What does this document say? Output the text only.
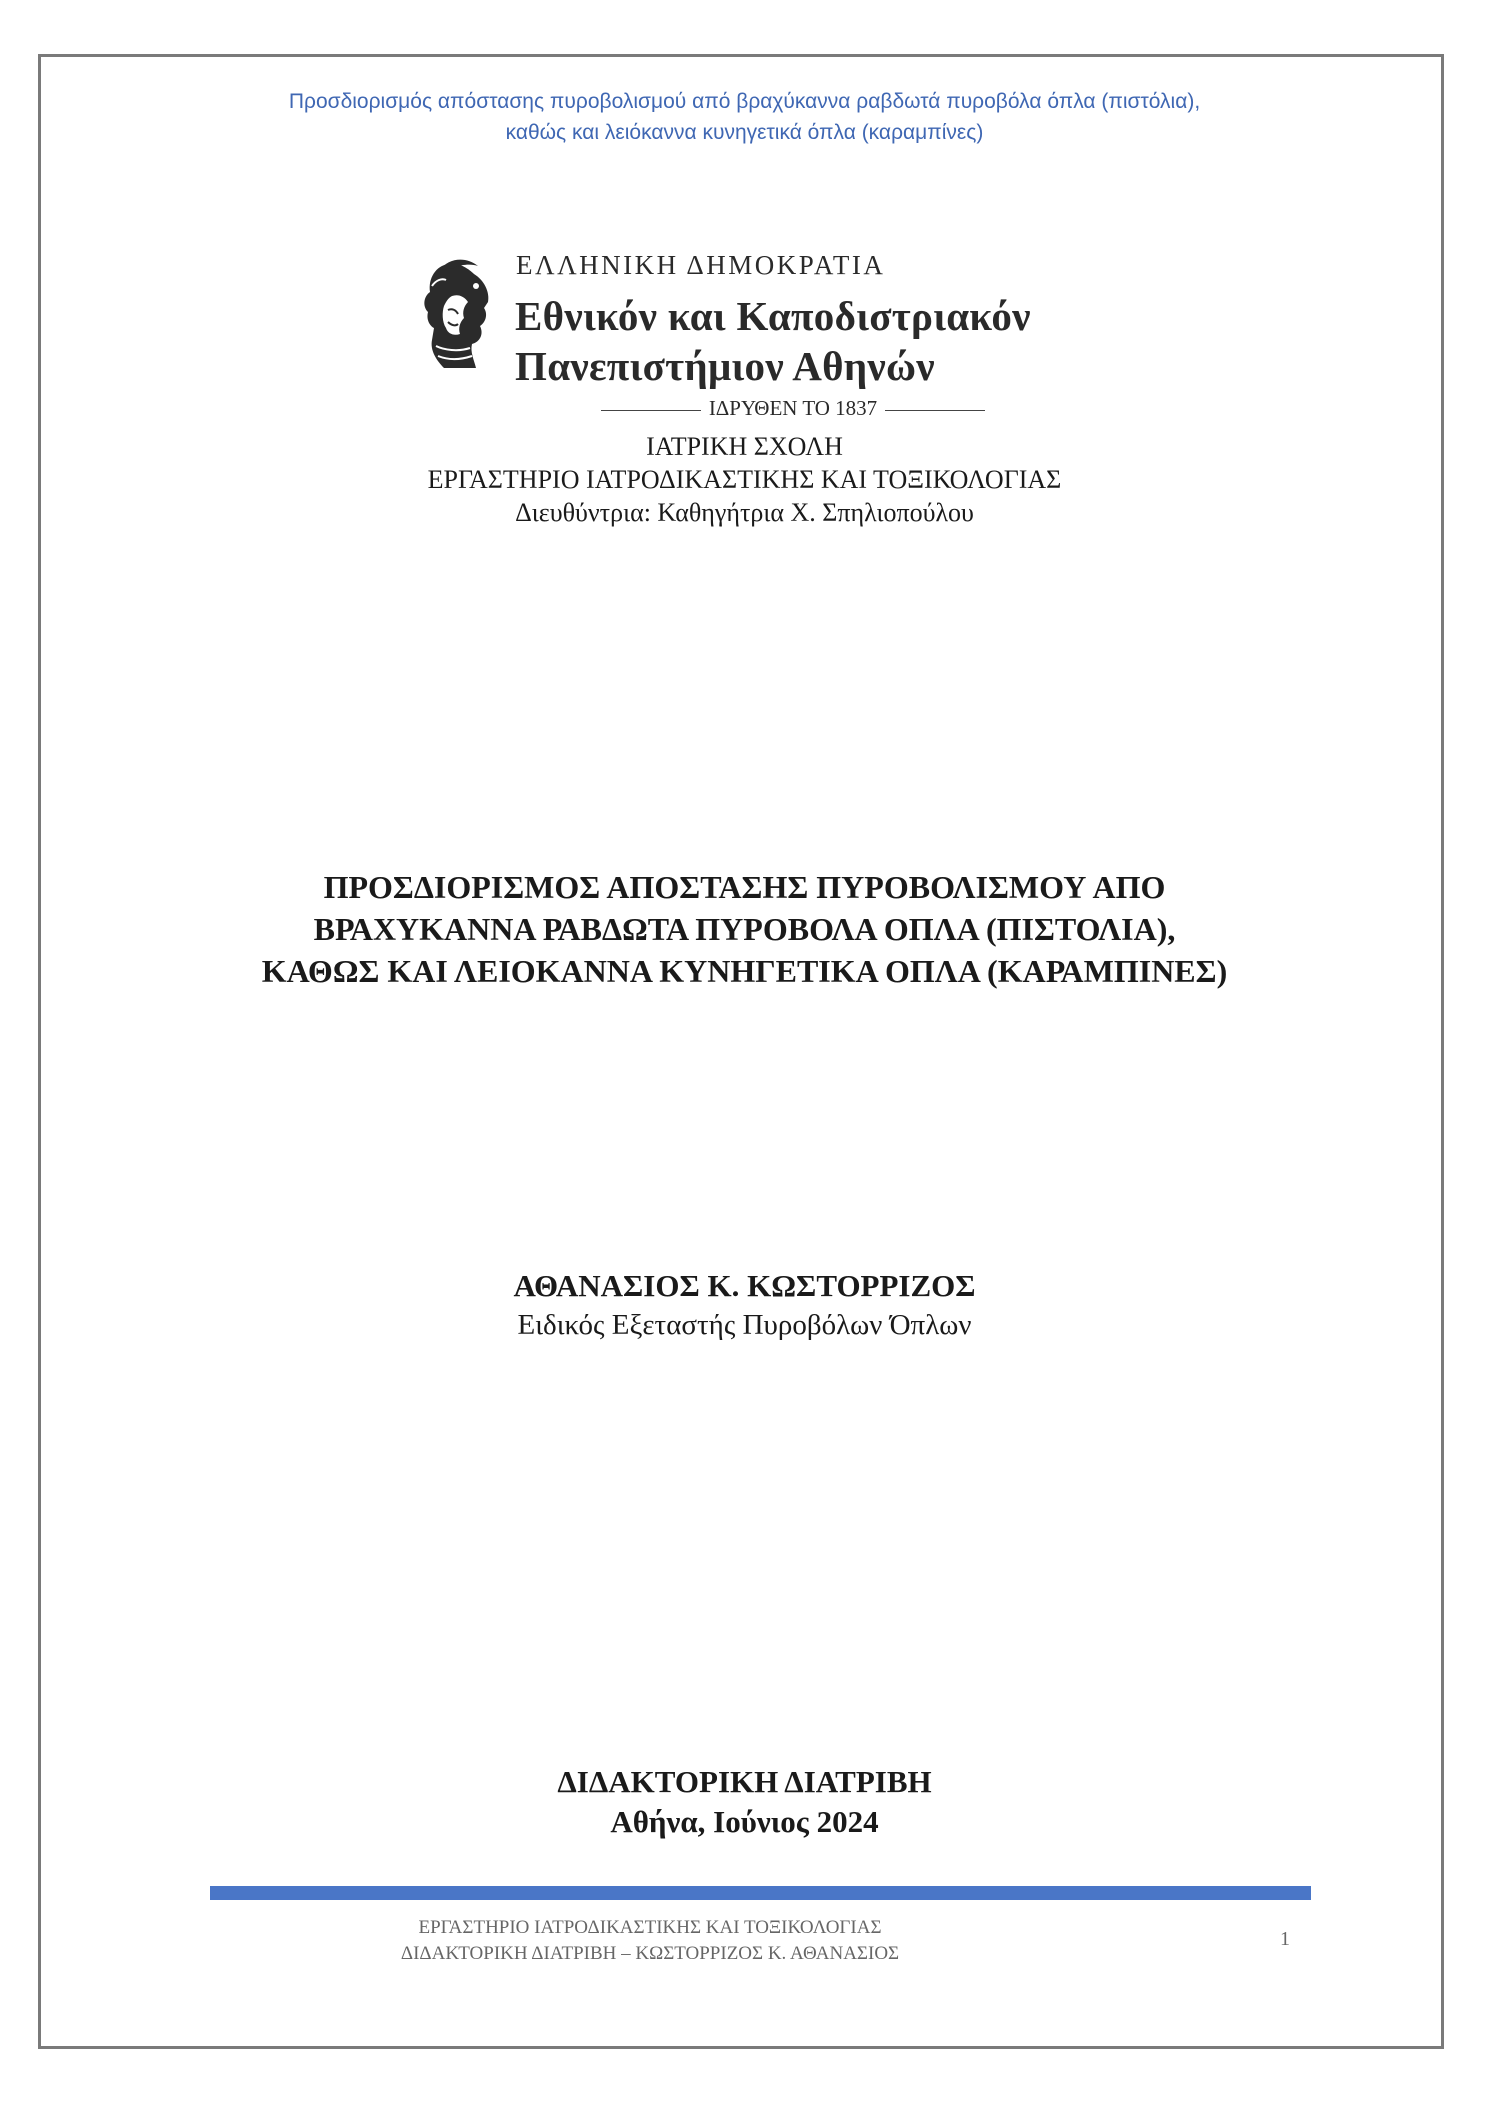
Προσδιορισμός απόστασης πυροβολισμού από βραχύκαννα ραβδωτά πυροβόλα όπλα (πιστόλια),
καθώς και λειόκαννα κυνηγετικά όπλα (καραμπίνες)
ΕΛΛΗΝΙΚΗ ΔΗΜΟΚΡΑΤΙΑ
Εθνικόν και Καποδιστριακόν
Πανεπιστήμιον Αθηνών
ΙΔΡΥΘΕΝ ΤΟ 1837
ΙΑΤΡΙΚΗ ΣΧΟΛΗ
ΕΡΓΑΣΤΗΡΙΟ ΙΑΤΡΟΔΙΚΑΣΤΙΚΗΣ ΚΑΙ ΤΟΞΙΚΟΛΟΓΙΑΣ
Διευθύντρια: Καθηγήτρια Χ. Σπηλιοπούλου
ΠΡΟΣΔΙΟΡΙΣΜΟΣ ΑΠΟΣΤΑΣΗΣ ΠΥΡΟΒΟΛΙΣΜΟΥ ΑΠΟ
ΒΡΑΧΥΚΑΝΝΑ ΡΑΒΔΩΤΑ ΠΥΡΟΒΟΛΑ ΟΠΛΑ (ΠΙΣΤΟΛΙΑ),
ΚΑΘΩΣ ΚΑΙ ΛΕΙΟΚΑΝΝΑ ΚΥΝΗΓΕΤΙΚΑ ΟΠΛΑ (ΚΑΡΑΜΠΙΝΕΣ)
ΑΘΑΝΑΣΙΟΣ Κ. ΚΩΣΤΟΡΡΙΖΟΣ
Ειδικός Εξεταστής Πυροβόλων Όπλων
ΔΙΔΑΚΤΟΡΙΚΗ ΔΙΑΤΡΙΒΗ
Αθήνα, Ιούνιος 2024
ΕΡΓΑΣΤΗΡΙΟ ΙΑΤΡΟΔΙΚΑΣΤΙΚΗΣ ΚΑΙ ΤΟΞΙΚΟΛΟΓΙΑΣ
ΔΙΔΑΚΤΟΡΙΚΗ ΔΙΑΤΡΙΒΗ – ΚΩΣΤΟΡΡΙΖΟΣ Κ. ΑΘΑΝΑΣΙΟΣ
1
